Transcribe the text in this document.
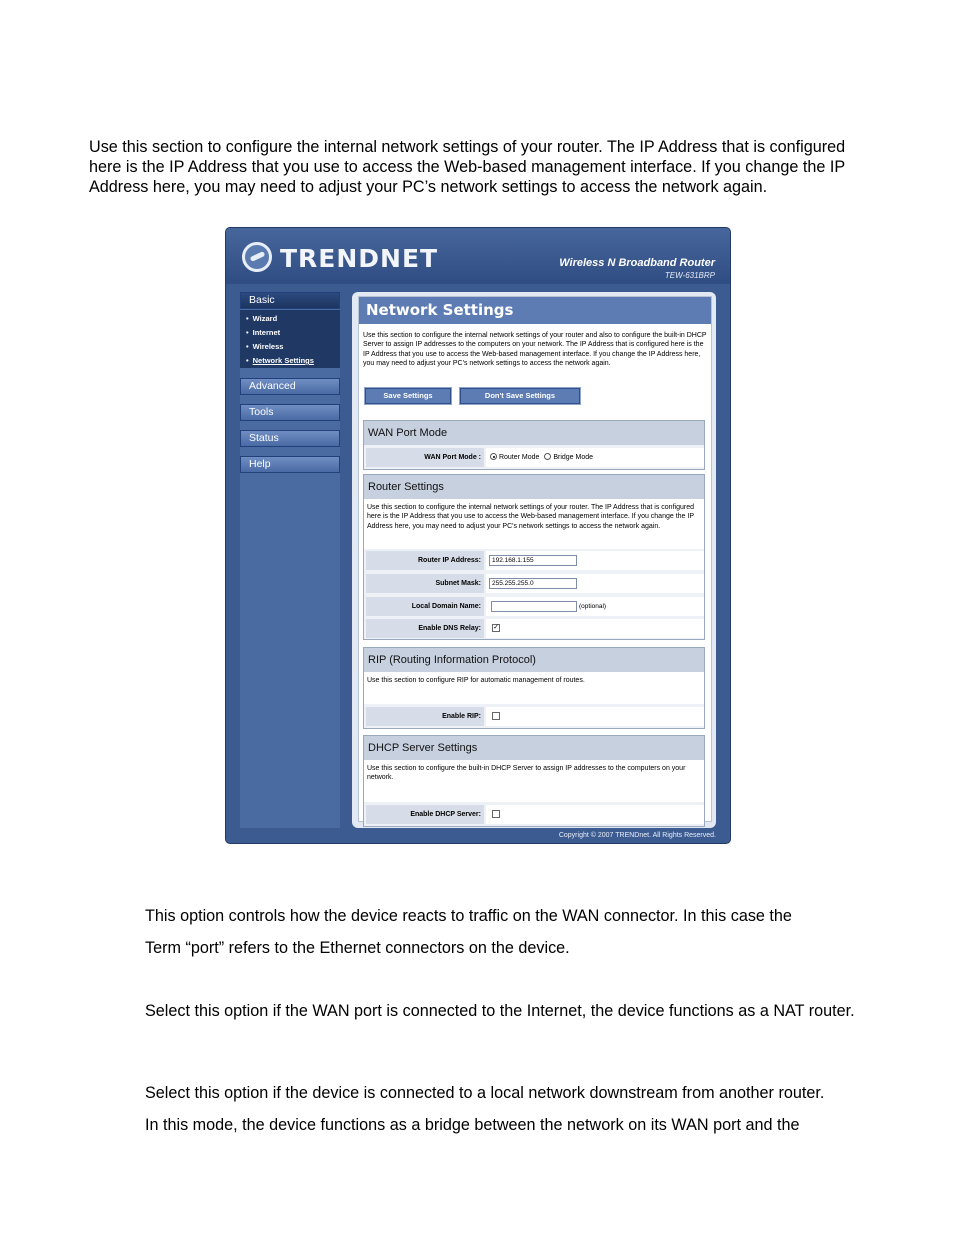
Use this section to configure the internal network settings of your router. The IP Address that is configured here is the IP Address that you use to access the Web-based management interface. If you change the IP Address here, you may need to adjust your PC’s network settings to access the network again.

TRENDNET	Wireless N Broadband Router
TEW-631BRP
Basic
• Wizard
• Internet
• Wireless
• Network Settings
Advanced
Tools
Status
Help
Network Settings
Use this section to configure the internal network settings of your router and also to configure the built-in DHCP Server to assign IP addresses to the computers on your network. The IP Address that is configured here is the IP Address that you use to access the Web-based management interface. If you change the IP Address here, you may need to adjust your PC's network settings to access the network again.
Save Settings	Don't Save Settings
WAN Port Mode
WAN Port Mode :	Router Mode Bridge Mode
Router Settings
Use this section to configure the internal network settings of your router. The IP Address that is configured here is the IP Address that you use to access the Web-based management interface. If you change the IP Address here, you may need to adjust your PC's network settings to access the network again.
Router IP Address:	192.168.1.155
Subnet Mask:	255.255.255.0
Local Domain Name:	(optional)
Enable DNS Relay:	✓
RIP (Routing Information Protocol)
Use this section to configure RIP for automatic management of routes.
Enable RIP:
DHCP Server Settings
Use this section to configure the built-in DHCP Server to assign IP addresses to the computers on your network.
Enable DHCP Server:
Copyright © 2007 TRENDnet. All Rights Reserved.

This option controls how the device reacts to traffic on the WAN connector. In this case the

Term “port” refers to the Ethernet connectors on the device.

Select this option if the WAN port is connected to the Internet, the device functions as a NAT router.

Select this option if the device is connected to a local network downstream from another router.

In this mode, the device functions as a bridge between the network on its WAN port and the
